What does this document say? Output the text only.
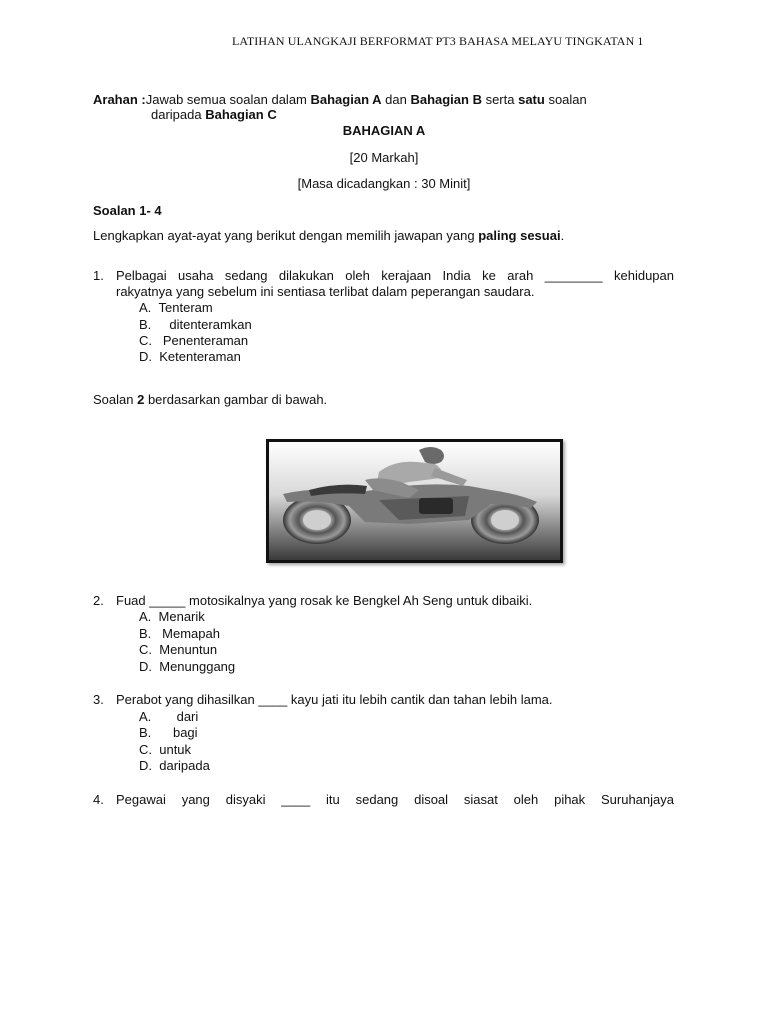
LATIHAN ULANGKAJI BERFORMAT PT3 BAHASA MELAYU TINGKATAN 1
Arahan :Jawab semua soalan dalam Bahagian A dan Bahagian B serta satu soalan
daripada Bahagian C
BAHAGIAN A
[20 Markah]
[Masa dicadangkan : 30 Minit]
Soalan 1- 4
Lengkapkan ayat-ayat yang berikut dengan memilih jawapan yang paling sesuai.
1. Pelbagai usaha sedang dilakukan oleh kerajaan India ke arah ________ kehidupan
rakyatnya yang sebelum ini sentiasa terlibat dalam peperangan saudara.
A. Tenteram
B. ditenteramkan
C. Penenteraman
D. Ketenteraman
Soalan 2 berdasarkan gambar di bawah.
2. Fuad _____ motosikalnya yang rosak ke Bengkel Ah Seng untuk dibaiki.
A. Menarik
B. Memapah
C. Menuntun
D. Menunggang
3. Perabot yang dihasilkan ____ kayu jati itu lebih cantik dan tahan lebih lama.
A. dari
B. bagi
C. untuk
D. daripada
4. Pegawai yang disyaki ____ itu sedang disoal siasat oleh pihak Suruhanjaya
